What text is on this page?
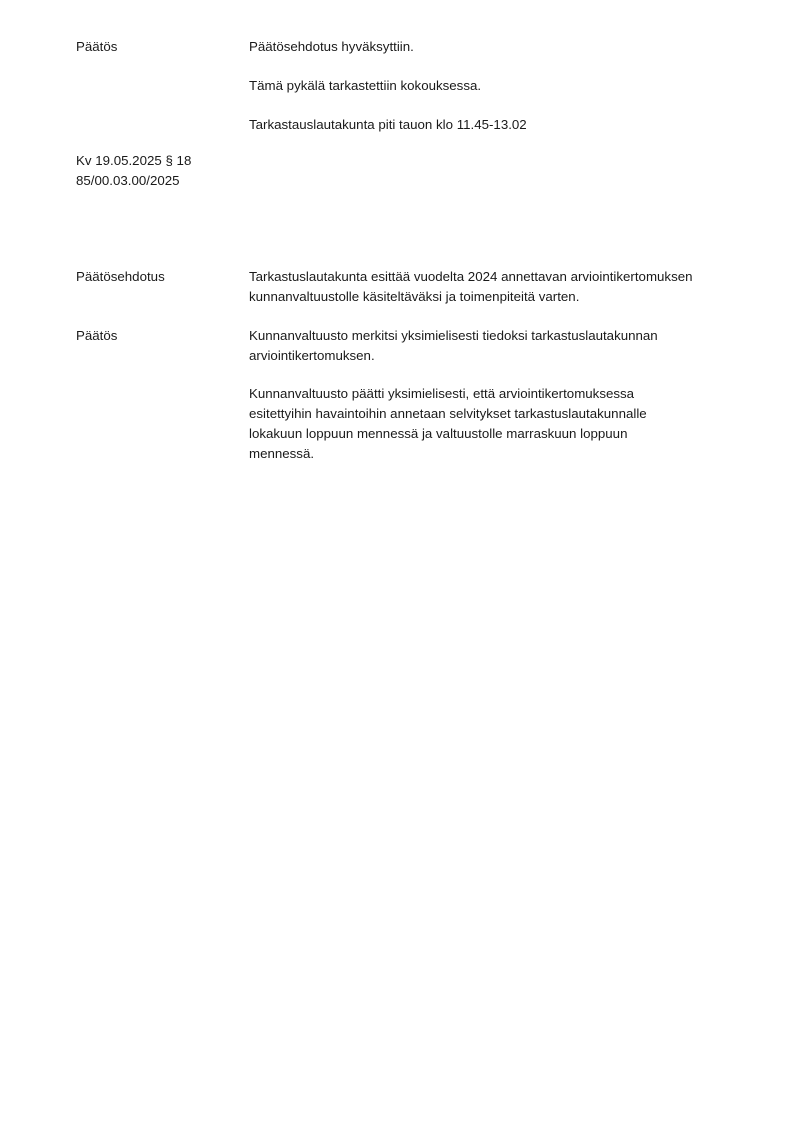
Päätös	Päätösehdotus hyväksyttiin.
Tämä pykälä tarkastettiin kokouksessa.
Tarkastauslautakunta piti tauon klo 11.45-13.02
Kv 19.05.2025 § 18
85/00.03.00/2025
Päätösehdotus	Tarkastuslautakunta esittää vuodelta 2024 annettavan arviointikertomuksen
kunnanvaltuustolle käsiteltäväksi ja toimenpiteitä varten.
Päätös	Kunnanvaltuusto merkitsi yksimielisesti tiedoksi tarkastuslautakunnan
arviointikertomuksen.
Kunnanvaltuusto päätti yksimielisesti, että arviointikertomuksessa
esitettyihin havaintoihin annetaan selvitykset tarkastuslautakunnalle
lokakuun loppuun mennessä ja valtuustolle marraskuun loppuun
mennessä.
